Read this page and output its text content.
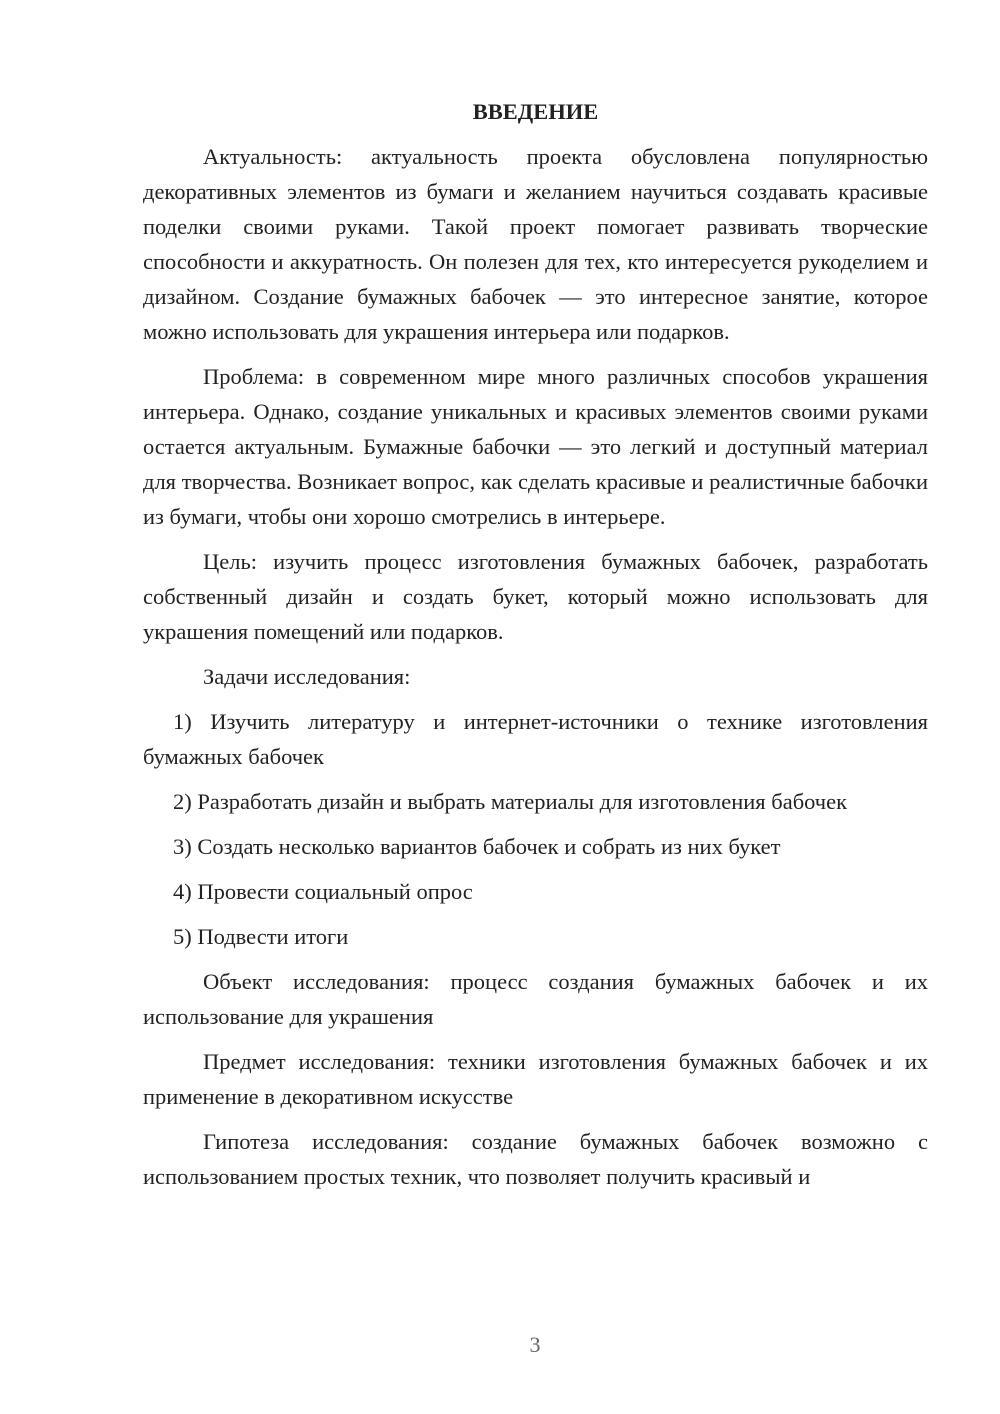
ВВЕДЕНИЕ

Актуальность: актуальность проекта обусловлена популярностью декоративных элементов из бумаги и желанием научиться создавать красивые поделки своими руками. Такой проект помогает развивать творческие способности и аккуратность. Он полезен для тех, кто интересуется рукоделием и дизайном. Создание бумажных бабочек — это интересное занятие, которое можно использовать для украшения интерьера или подарков.

Проблема: в современном мире много различных способов украшения интерьера. Однако, создание уникальных и красивых элементов своими руками остается актуальным. Бумажные бабочки — это легкий и доступный материал для творчества. Возникает вопрос, как сделать красивые и реалистичные бабочки из бумаги, чтобы они хорошо смотрелись в интерьере.

Цель: изучить процесс изготовления бумажных бабочек, разработать собственный дизайн и создать букет, который можно использовать для украшения помещений или подарков.

Задачи исследования:

1) Изучить литературу и интернет-источники о технике изготовления бумажных бабочек

2) Разработать дизайн и выбрать материалы для изготовления бабочек

3) Создать несколько вариантов бабочек и собрать из них букет

4) Провести социальный опрос

5) Подвести итоги

Объект исследования: процесс создания бумажных бабочек и их использование для украшения

Предмет исследования: техники изготовления бумажных бабочек и их применение в декоративном искусстве

Гипотеза исследования: создание бумажных бабочек возможно с использованием простых техник, что позволяет получить красивый и

3
